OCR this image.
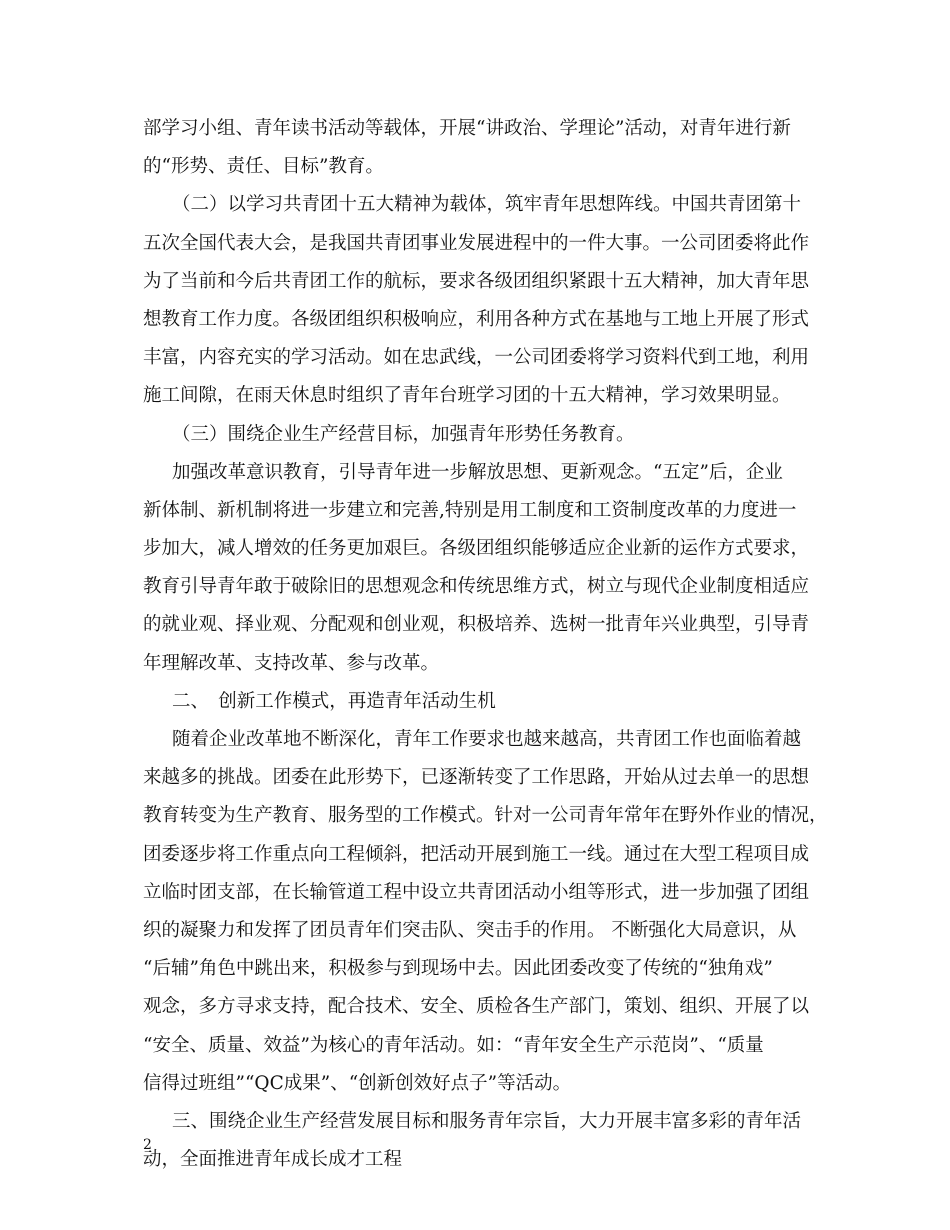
部学习小组、青年读书活动等载体，开展“讲政治、学理论”活动，对青年进行新
的“形势、责任、目标”教育。
（二）以学习共青团十五大精神为载体，筑牢青年思想阵线。中国共青团第十
五次全国代表大会，是我国共青团事业发展进程中的一件大事。一公司团委将此作
为了当前和今后共青团工作的航标，要求各级团组织紧跟十五大精神，加大青年思
想教育工作力度。各级团组织积极响应，利用各种方式在基地与工地上开展了形式
丰富，内容充实的学习活动。如在忠武线，一公司团委将学习资料代到工地，利用
施工间隙，在雨天休息时组织了青年台班学习团的十五大精神，学习效果明显。
（三）围绕企业生产经营目标，加强青年形势任务教育。
加强改革意识教育，引导青年进一步解放思想、更新观念。“五定”后，企业
新体制、新机制将进一步建立和完善,特别是用工制度和工资制度改革的力度进一
步加大，减人增效的任务更加艰巨。各级团组织能够适应企业新的运作方式要求，
教育引导青年敢于破除旧的思想观念和传统思维方式，树立与现代企业制度相适应
的就业观、择业观、分配观和创业观，积极培养、选树一批青年兴业典型，引导青
年理解改革、支持改革、参与改革。
二、　创新工作模式，再造青年活动生机
随着企业改革地不断深化，青年工作要求也越来越高，共青团工作也面临着越
来越多的挑战。团委在此形势下，已逐渐转变了工作思路，开始从过去单一的思想
教育转变为生产教育、服务型的工作模式。针对一公司青年常年在野外作业的情况，
团委逐步将工作重点向工程倾斜，把活动开展到施工一线。通过在大型工程项目成
立临时团支部，在长输管道工程中设立共青团活动小组等形式，进一步加强了团组
织的凝聚力和发挥了团员青年们突击队、突击手的作用。 不断强化大局意识，从
“后辅”角色中跳出来，积极参与到现场中去。因此团委改变了传统的“独角戏”
观念，多方寻求支持，配合技术、安全、质检各生产部门，策划、组织、开展了以
“安全、质量、效益”为核心的青年活动。如：“青年安全生产示范岗”、“质量
信得过班组”“QC成果”、“创新创效好点子”等活动。
三、围绕企业生产经营发展目标和服务青年宗旨，大力开展丰富多彩的青年活
动，全面推进青年成长成才工程
2
